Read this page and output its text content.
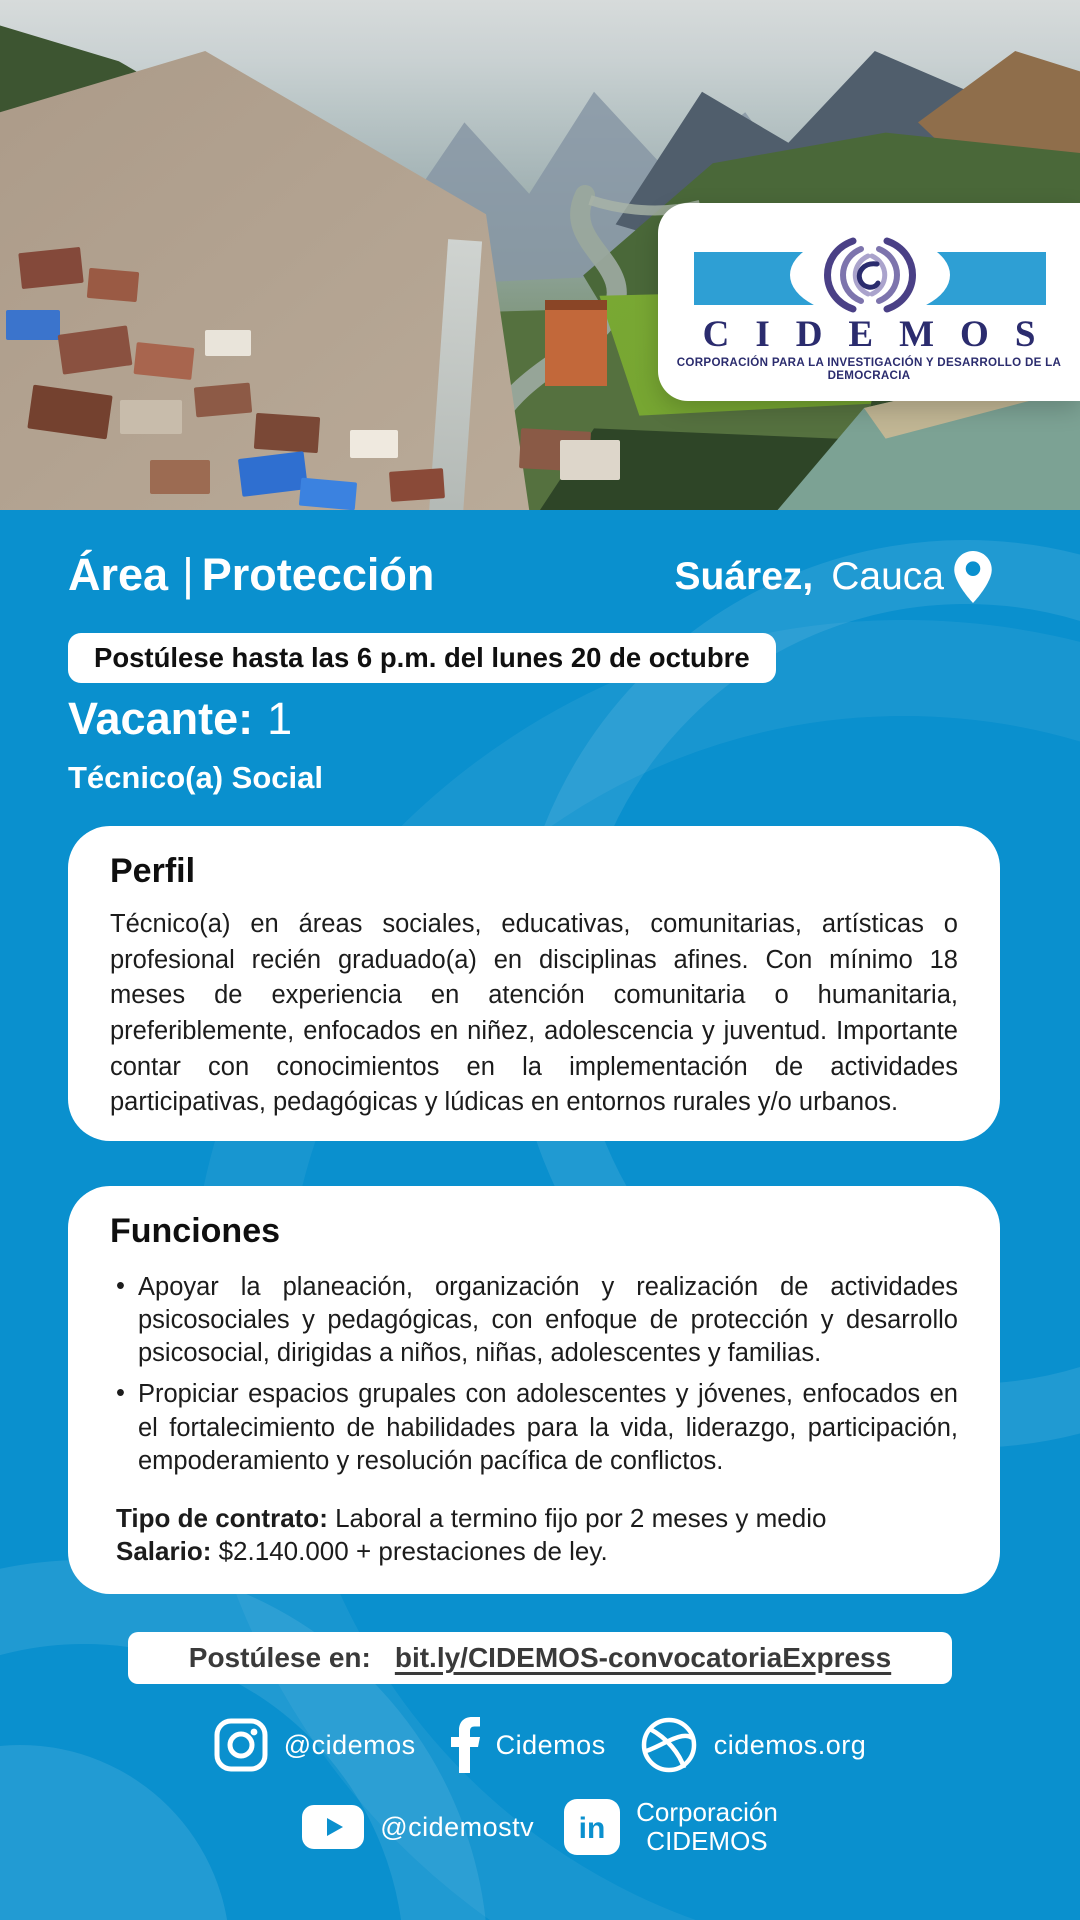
CIDEMOS
CORPORACIÓN PARA LA INVESTIGACIÓN Y DESARROLLO DE LA DEMOCRACIA
Área | Protección	Suárez, Cauca
Postúlese hasta las 6 p.m. del lunes 20 de octubre
Vacante: 1
Técnico(a) Social
Perfil
Técnico(a) en áreas sociales, educativas, comunitarias, artísticas o profesional recién graduado(a) en disciplinas afines. Con mínimo 18 meses de experiencia en atención comunitaria o humanitaria, preferiblemente, enfocados en niñez, adolescencia y juventud. Importante contar con conocimientos en la implementación de actividades participativas, pedagógicas y lúdicas en entornos rurales y/o urbanos.
Funciones
• Apoyar la planeación, organización y realización de actividades psicosociales y pedagógicas, con enfoque de protección y desarrollo psicosocial, dirigidas a niños, niñas, adolescentes y familias.
• Propiciar espacios grupales con adolescentes y jóvenes, enfocados en el fortalecimiento de habilidades para la vida, liderazgo, participación, empoderamiento y resolución pacífica de conflictos.
Tipo de contrato: Laboral a termino fijo por 2 meses y medio
Salario: $2.140.000 + prestaciones de ley.
Postúlese en: bit.ly/CIDEMOS-convocatoriaExpress
@cidemos	Cidemos	cidemos.org
@cidemostv in
Corporación
CIDEMOS
